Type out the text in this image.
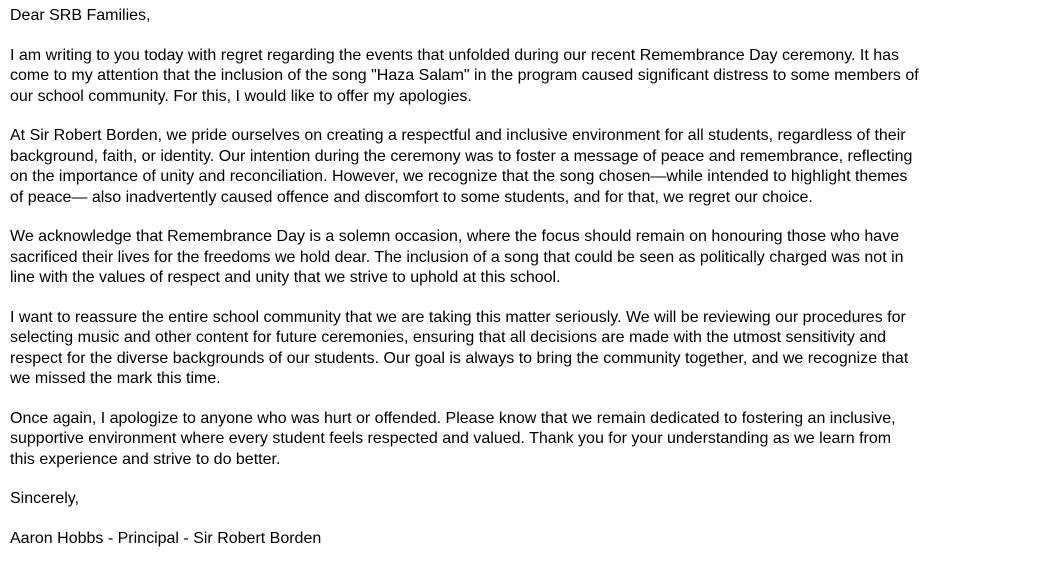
Dear SRB Families,

I am writing to you today with regret regarding the events that unfolded during our recent Remembrance Day ceremony. It has
come to my attention that the inclusion of the song "Haza Salam" in the program caused significant distress to some members of
our school community. For this, I would like to offer my apologies.

At Sir Robert Borden, we pride ourselves on creating a respectful and inclusive environment for all students, regardless of their
background, faith, or identity. Our intention during the ceremony was to foster a message of peace and remembrance, reflecting
on the importance of unity and reconciliation. However, we recognize that the song chosen—while intended to highlight themes
of peace— also inadvertently caused offence and discomfort to some students, and for that, we regret our choice.

We acknowledge that Remembrance Day is a solemn occasion, where the focus should remain on honouring those who have
sacrificed their lives for the freedoms we hold dear. The inclusion of a song that could be seen as politically charged was not in
line with the values of respect and unity that we strive to uphold at this school.

I want to reassure the entire school community that we are taking this matter seriously. We will be reviewing our procedures for
selecting music and other content for future ceremonies, ensuring that all decisions are made with the utmost sensitivity and
respect for the diverse backgrounds of our students. Our goal is always to bring the community together, and we recognize that
we missed the mark this time.

Once again, I apologize to anyone who was hurt or offended. Please know that we remain dedicated to fostering an inclusive,
supportive environment where every student feels respected and valued. Thank you for your understanding as we learn from
this experience and strive to do better.

Sincerely,

Aaron Hobbs - Principal - Sir Robert Borden
